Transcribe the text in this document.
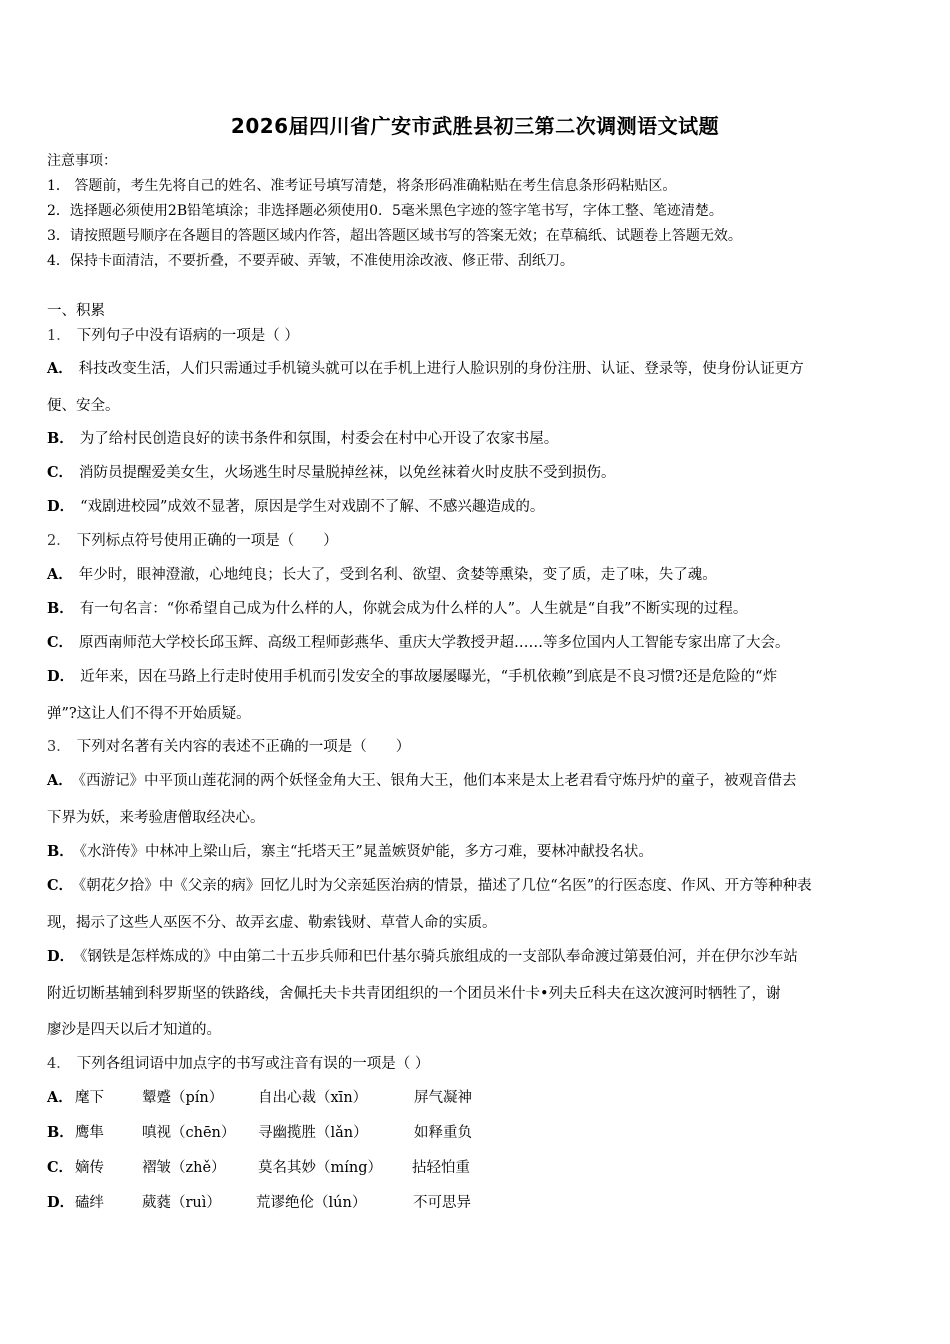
2026届四川省广安市武胜县初三第二次调测语文试题
注意事项：
1． 答题前，考生先将自己的姓名、准考证号填写清楚，将条形码准确粘贴在考生信息条形码粘贴区。
2．选择题必须使用2B铅笔填涂；非选择题必须使用0．5毫米黑色字迹的签字笔书写，字体工整、笔迹清楚。
3．请按照题号顺序在各题目的答题区域内作答，超出答题区域书写的答案无效；在草稿纸、试题卷上答题无效。
4．保持卡面清洁，不要折叠，不要弄破、弄皱，不准使用涂改液、修正带、刮纸刀。
一、积累
1． 下列句子中没有语病的一项是（ ）
A． 科技改变生活，人们只需通过手机镜头就可以在手机上进行人脸识别的身份注册、认证、登录等，使身份认证更方
便、安全。
B． 为了给村民创造良好的读书条件和氛围，村委会在村中心开设了农家书屋。
C． 消防员提醒爱美女生，火场逃生时尽量脱掉丝袜，以免丝袜着火时皮肤不受到损伤。
D． “戏剧进校园”成效不显著，原因是学生对戏剧不了解、不感兴趣造成的。
2． 下列标点符号使用正确的一项是（　　）
A． 年少时，眼神澄澈，心地纯良；长大了，受到名利、欲望、贪婪等熏染，变了质，走了味，失了魂。
B． 有一句名言：“你希望自己成为什么样的人，你就会成为什么样的人”。人生就是“自我”不断实现的过程。
C． 原西南师范大学校长邱玉辉、高级工程师彭燕华、重庆大学教授尹超……等多位国内人工智能专家出席了大会。
D． 近年来，因在马路上行走时使用手机而引发安全的事故屡屡曝光，“手机依赖”到底是不良习惯?还是危险的“炸
弹”?这让人们不得不开始质疑。
3． 下列对名著有关内容的表述不正确的一项是（　　）
A． 《西游记》中平顶山莲花洞的两个妖怪金角大王、银角大王，他们本来是太上老君看守炼丹炉的童子，被观音借去
下界为妖，来考验唐僧取经决心。
B． 《水浒传》中林冲上梁山后，寨主“托塔天王”晁盖嫉贤妒能，多方刁难，要林冲献投名状。
C． 《朝花夕拾》中《父亲的病》回忆儿时为父亲延医治病的情景，描述了几位“名医”的行医态度、作风、开方等种种表
现，揭示了这些人巫医不分、故弄玄虚、勒索钱财、草菅人命的实质。
D． 《钢铁是怎样炼成的》中由第二十五步兵师和巴什基尔骑兵旅组成的一支部队奉命渡过第聂伯河，并在伊尔沙车站
附近切断基辅到科罗斯坚的铁路线，舍佩托夫卡共青团组织的一个团员米什卡•列夫丘科夫在这次渡河时牺牲了，谢
廖沙是四天以后才知道的。
4． 下列各组词语中加点字的书写或注音有误的一项是（ ）
A． 麾下	颦蹙（pín） 自出心裁（xīn）	屏气凝神
B． 鹰隼	嗔视（chēn） 寻幽揽胜（lǎn）	如释重负
C． 嫡传	褶皱（zhě） 莫名其妙（míng） 拈轻怕重
D． 磕绊	葳蕤（ruì） 荒谬绝伦（lún）	不可思异
